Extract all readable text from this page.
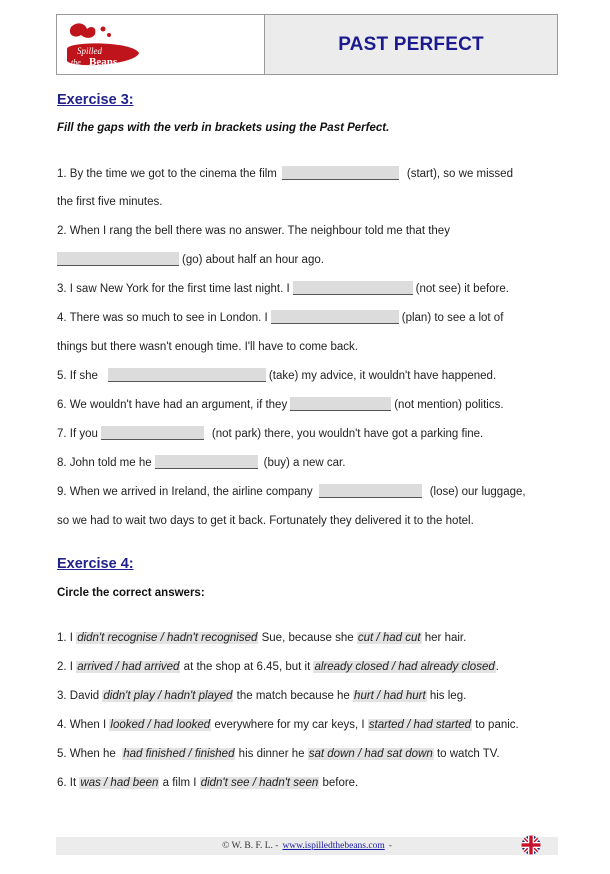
Spilled
the Beans
PAST PERFECT
Exercise 3:
Fill the gaps with the verb in brackets using the Past Perfect.
1. By the time we got to the cinema the film	(start), so we missed
the first five minutes.
2. When I rang the bell there was no answer. The neighbour told me that they
(go) about half an hour ago.
3. I saw New York for the first time last night. I	(not see) it before.
4. There was so much to see in London. I	(plan) to see a lot of
things but there wasn't enough time. I'll have to come back.
5. If she	(take) my advice, it wouldn't have happened.
6. We wouldn't have had an argument, if they	(not mention) politics.
7. If you	(not park) there, you wouldn't have got a parking fine.
8. John told me he	(buy) a new car.
9. When we arrived in Ireland, the airline company	(lose) our luggage,
so we had to wait two days to get it back. Fortunately they delivered it to the hotel.
Exercise 4:
Circle the correct answers:
1. I
didn't recognise / hadn't recognised
Sue, because she
cut / had cut
her hair.
2. I
arrived / had arrived
at the shop at 6.45, but it
already closed / had already closed .
3. David
didn't play / hadn't played
the match because he
hurt / had hurt
his leg.
4. When I
looked / had looked
everywhere for my car keys, I
started / had started
to panic.
5. When he
had finished / finished
his dinner he
sat down / had sat down
to watch TV.
6. It
was / had been
a film I
didn't see / hadn't seen
before.
© W. B. F. L. - www.ispilledthebeans.com -
